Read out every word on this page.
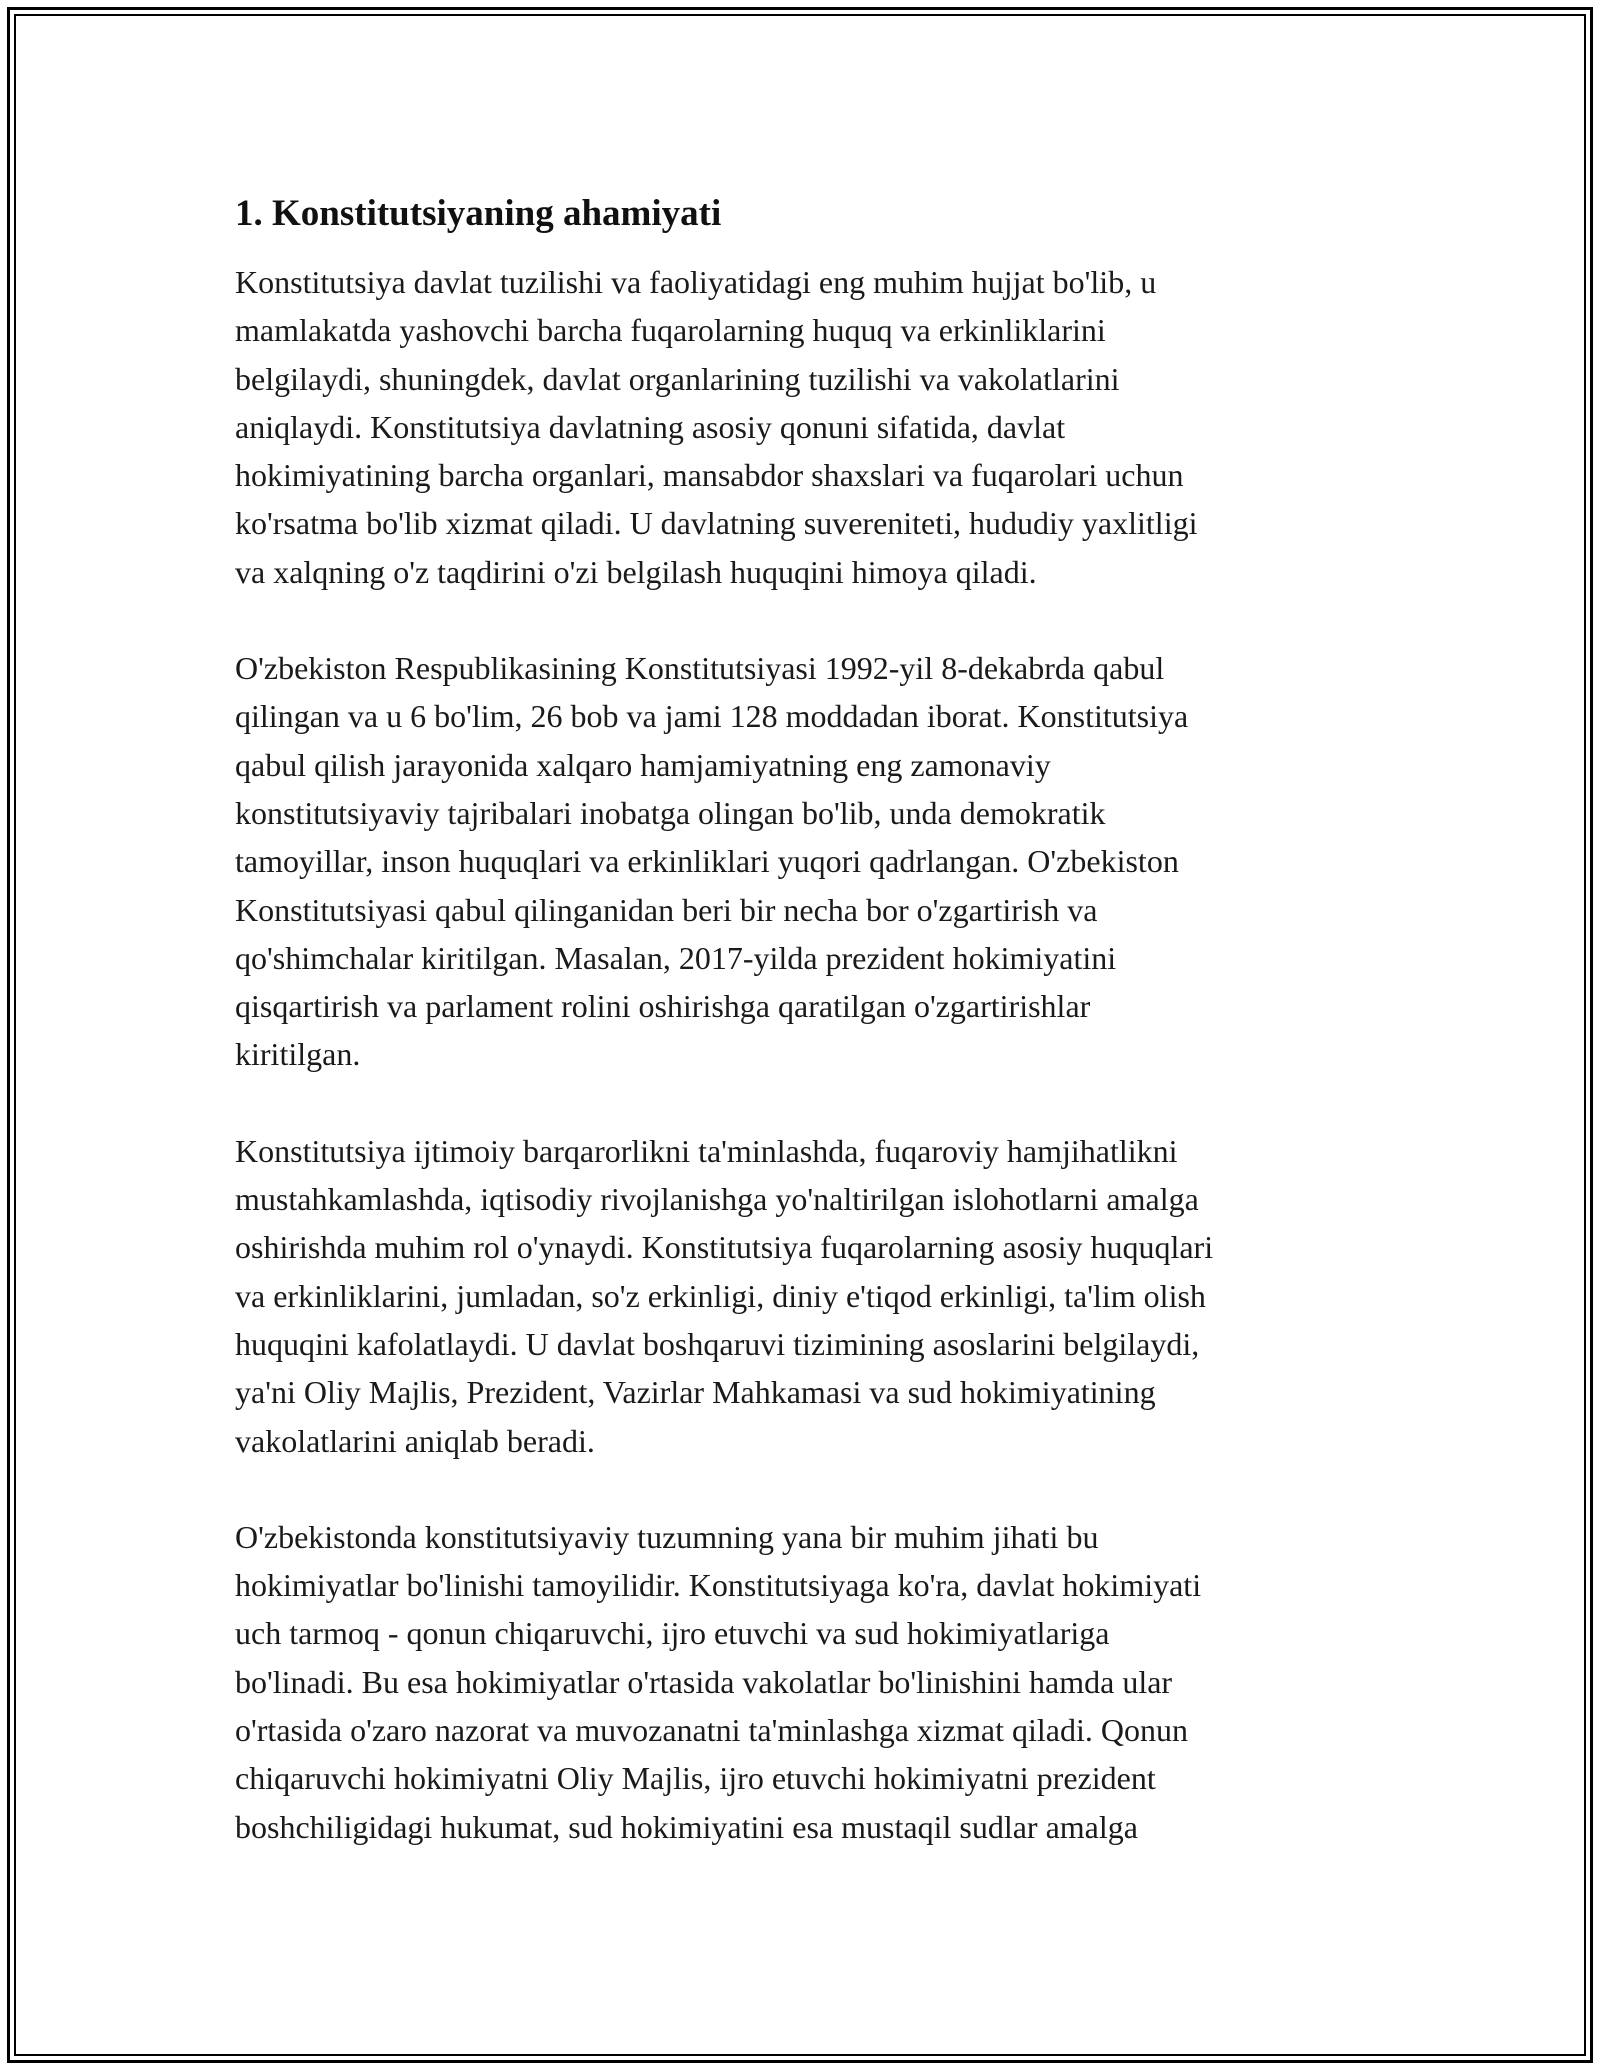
1. Konstitutsiyaning ahamiyati

Konstitutsiya davlat tuzilishi va faoliyatidagi eng muhim hujjat bo'lib, u
mamlakatda yashovchi barcha fuqarolarning huquq va erkinliklarini
belgilaydi, shuningdek, davlat organlarining tuzilishi va vakolatlarini
aniqlaydi. Konstitutsiya davlatning asosiy qonuni sifatida, davlat
hokimiyatining barcha organlari, mansabdor shaxslari va fuqarolari uchun
ko'rsatma bo'lib xizmat qiladi. U davlatning suvereniteti, hududiy yaxlitligi
va xalqning o'z taqdirini o'zi belgilash huquqini himoya qiladi.

O'zbekiston Respublikasining Konstitutsiyasi 1992-yil 8-dekabrda qabul
qilingan va u 6 bo'lim, 26 bob va jami 128 moddadan iborat. Konstitutsiya
qabul qilish jarayonida xalqaro hamjamiyatning eng zamonaviy
konstitutsiyaviy tajribalari inobatga olingan bo'lib, unda demokratik
tamoyillar, inson huquqlari va erkinliklari yuqori qadrlangan. O'zbekiston
Konstitutsiyasi qabul qilinganidan beri bir necha bor o'zgartirish va
qo'shimchalar kiritilgan. Masalan, 2017-yilda prezident hokimiyatini
qisqartirish va parlament rolini oshirishga qaratilgan o'zgartirishlar
kiritilgan.

Konstitutsiya ijtimoiy barqarorlikni ta'minlashda, fuqaroviy hamjihatlikni
mustahkamlashda, iqtisodiy rivojlanishga yo'naltirilgan islohotlarni amalga
oshirishda muhim rol o'ynaydi. Konstitutsiya fuqarolarning asosiy huquqlari
va erkinliklarini, jumladan, so'z erkinligi, diniy e'tiqod erkinligi, ta'lim olish
huquqini kafolatlaydi. U davlat boshqaruvi tizimining asoslarini belgilaydi,
ya'ni Oliy Majlis, Prezident, Vazirlar Mahkamasi va sud hokimiyatining
vakolatlarini aniqlab beradi.

O'zbekistonda konstitutsiyaviy tuzumning yana bir muhim jihati bu
hokimiyatlar bo'linishi tamoyilidir. Konstitutsiyaga ko'ra, davlat hokimiyati
uch tarmoq - qonun chiqaruvchi, ijro etuvchi va sud hokimiyatlariga
bo'linadi. Bu esa hokimiyatlar o'rtasida vakolatlar bo'linishini hamda ular
o'rtasida o'zaro nazorat va muvozanatni ta'minlashga xizmat qiladi. Qonun
chiqaruvchi hokimiyatni Oliy Majlis, ijro etuvchi hokimiyatni prezident
boshchiligidagi hukumat, sud hokimiyatini esa mustaqil sudlar amalga
